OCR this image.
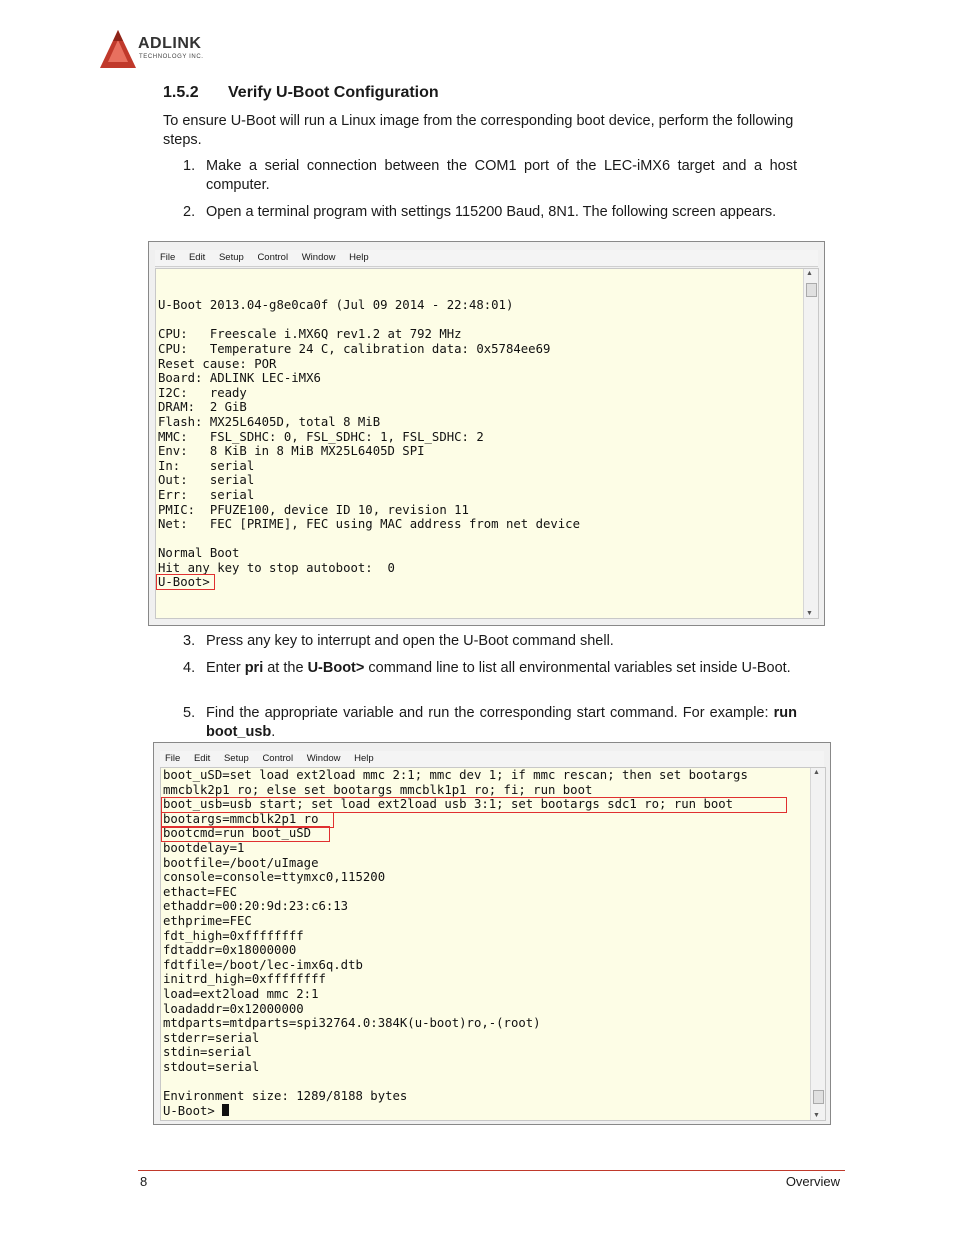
ADLINK
TECHNOLOGY INC.
1.5.2 Verify U-Boot Configuration
To ensure U-Boot will run a Linux image from the corresponding boot device, perform the following steps.
1. Make a serial connection between the COM1 port of the LEC-iMX6 target and a host computer.
2. Open a terminal program with settings 115200 Baud, 8N1. The following screen appears.
File Edit Setup Control Window Help
U-Boot 2013.04-g8e0ca0f (Jul 09 2014 - 22:48:01)
CPU:   Freescale i.MX6Q rev1.2 at 792 MHz
CPU:   Temperature 24 C, calibration data: 0x5784ee69
Reset cause: POR
Board: ADLINK LEC-iMX6
I2C:   ready
DRAM:  2 GiB
Flash: MX25L6405D, total 8 MiB
MMC:   FSL_SDHC: 0, FSL_SDHC: 1, FSL_SDHC: 2
Env:   8 KiB in 8 MiB MX25L6405D SPI
In:    serial
Out:   serial
Err:   serial
PMIC:  PFUZE100, device ID 10, revision 11
Net:   FEC [PRIME], FEC using MAC address from net device
Normal Boot
Hit any key to stop autoboot:  0
U-Boot>
▲
▼
3. Press any key to interrupt and open the U-Boot command shell.
4. Enter pri at the U-Boot> command line to list all environmental variables set inside U-Boot.
5. Find the appropriate variable and run the corresponding start command. For example: run boot_usb.
File Edit Setup Control Window Help
boot_uSD=set load ext2load mmc 2:1; mmc dev 1; if mmc rescan; then set bootargs
mmcblk2p1 ro; else set bootargs mmcblk1p1 ro; fi; run boot
boot_usb=usb start; set load ext2load usb 3:1; set bootargs sdc1 ro; run boot
bootargs=mmcblk2p1 ro
bootcmd=run boot_uSD
bootdelay=1
bootfile=/boot/uImage
console=console=ttymxc0,115200
ethact=FEC
ethaddr=00:20:9d:23:c6:13
ethprime=FEC
fdt_high=0xffffffff
fdtaddr=0x18000000
fdtfile=/boot/lec-imx6q.dtb
initrd_high=0xffffffff
load=ext2load mmc 2:1
loadaddr=0x12000000
mtdparts=mtdparts=spi32764.0:384K(u-boot)ro,-(root)
stderr=serial
stdin=serial
stdout=serial
Environment size: 1289/8188 bytes
U-Boot>
▲
▼
8	Overview
